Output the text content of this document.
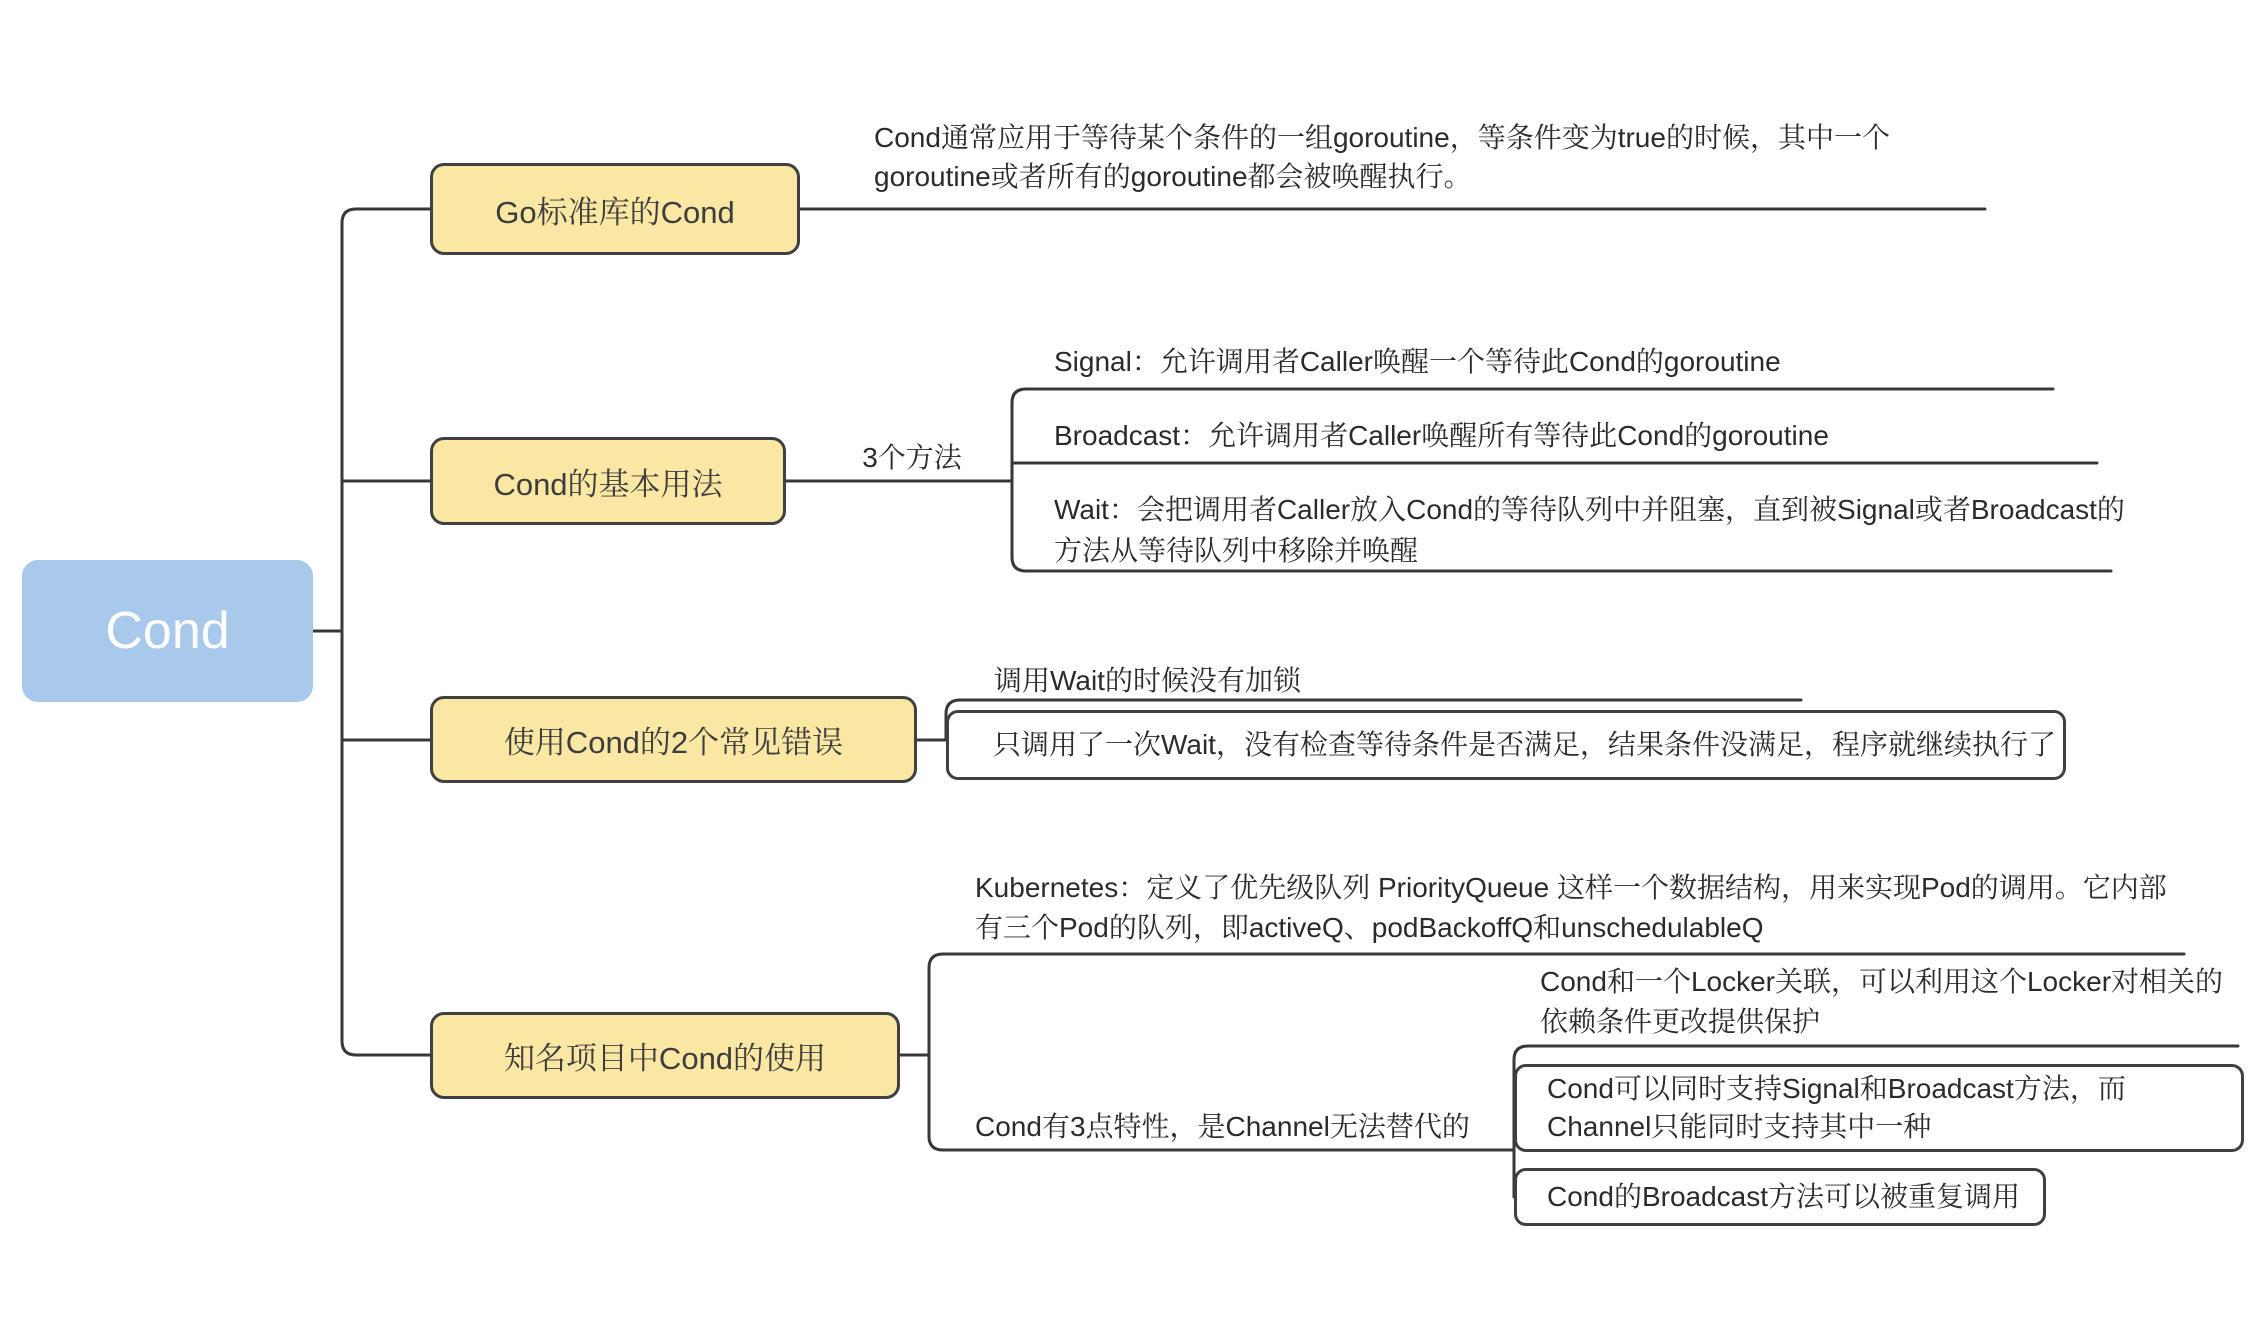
Cond
Go标准库的Cond
Cond通常应用于等待某个条件的一组goroutine，等条件变为true的时候，其中一个goroutine或者所有的goroutine都会被唤醒执行。
Cond的基本用法
3个方法
Signal：允许调用者Caller唤醒一个等待此Cond的goroutine
Broadcast：允许调用者Caller唤醒所有等待此Cond的goroutine
Wait：会把调用者Caller放入Cond的等待队列中并阻塞，直到被Signal或者Broadcast的方法从等待队列中移除并唤醒
使用Cond的2个常见错误
调用Wait的时候没有加锁
只调用了一次Wait，没有检查等待条件是否满足，结果条件没满足，程序就继续执行了
知名项目中Cond的使用
Kubernetes：定义了优先级队列 PriorityQueue 这样一个数据结构，用来实现Pod的调用。它内部有三个Pod的队列，即activeQ、podBackoffQ和unschedulableQ
Cond有3点特性，是Channel无法替代的
Cond和一个Locker关联，可以利用这个Locker对相关的依赖条件更改提供保护
Cond可以同时支持Signal和Broadcast方法，而Channel只能同时支持其中一种
Cond的Broadcast方法可以被重复调用
